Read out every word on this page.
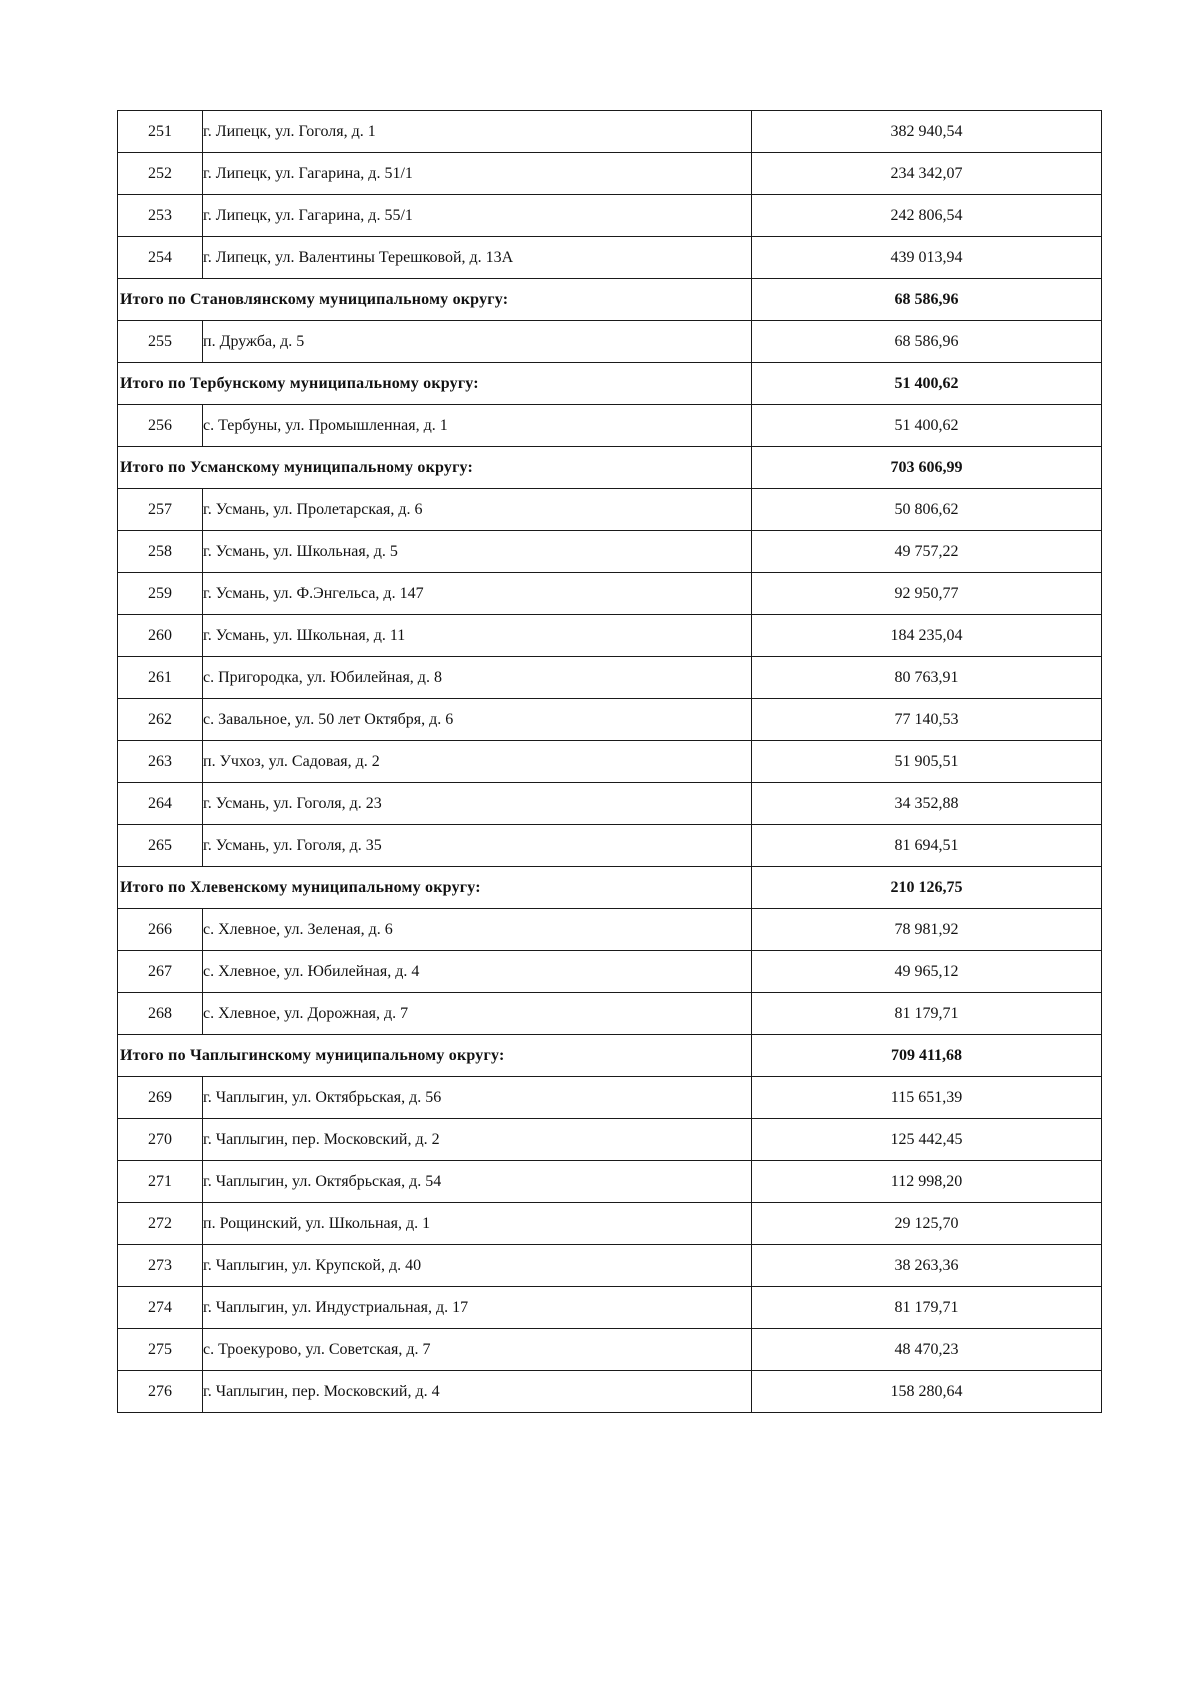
251	г. Липецк, ул. Гоголя, д. 1	382 940,54
252	г. Липецк, ул. Гагарина, д. 51/1	234 342,07
253	г. Липецк, ул. Гагарина, д. 55/1	242 806,54
254	г. Липецк, ул. Валентины Терешковой, д. 13А	439 013,94
Итого по Становлянскому муниципальному округу:		68 586,96
255	п. Дружба, д. 5	68 586,96
Итого по Тербунскому муниципальному округу:		51 400,62
256	с. Тербуны, ул. Промышленная, д. 1	51 400,62
Итого по Усманскому муниципальному округу:		703 606,99
257	г. Усмань, ул. Пролетарская, д. 6	50 806,62
258	г. Усмань, ул. Школьная, д. 5	49 757,22
259	г. Усмань, ул. Ф.Энгельса, д. 147	92 950,77
260	г. Усмань, ул. Школьная, д. 11	184 235,04
261	с. Пригородка, ул. Юбилейная, д. 8	80 763,91
262	с. Завальное, ул. 50 лет Октября, д. 6	77 140,53
263	п. Учхоз, ул. Садовая, д. 2	51 905,51
264	г. Усмань, ул. Гоголя, д. 23	34 352,88
265	г. Усмань, ул. Гоголя, д. 35	81 694,51
Итого по Хлевенскому муниципальному округу:		210 126,75
266	с. Хлевное, ул. Зеленая, д. 6	78 981,92
267	с. Хлевное, ул. Юбилейная, д. 4	49 965,12
268	с. Хлевное, ул. Дорожная, д. 7	81 179,71
Итого по Чаплыгинскому муниципальному округу:		709 411,68
269	г. Чаплыгин, ул. Октябрьская, д. 56	115 651,39
270	г. Чаплыгин, пер. Московский, д. 2	125 442,45
271	г. Чаплыгин, ул. Октябрьская, д. 54	112 998,20
272	п. Рощинский, ул. Школьная, д. 1	29 125,70
273	г. Чаплыгин, ул. Крупской, д. 40	38 263,36
274	г. Чаплыгин, ул. Индустриальная, д. 17	81 179,71
275	с. Троекурово, ул. Советская, д. 7	48 470,23
276	г. Чаплыгин, пер. Московский, д. 4	158 280,64
